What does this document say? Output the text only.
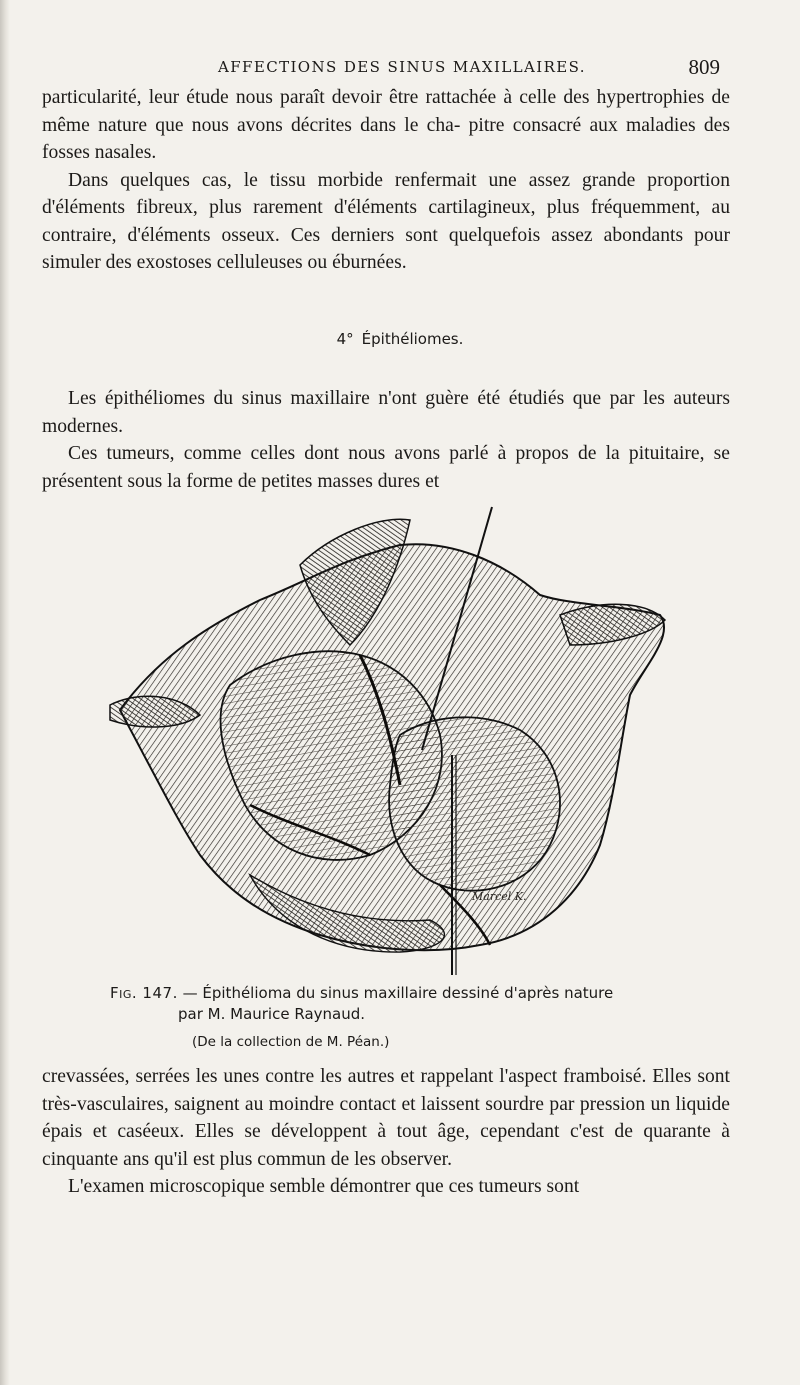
AFFECTIONS DES SINUS MAXILLAIRES.	809

particularité, leur étude nous paraît devoir être rattachée à celle des hypertrophies de même nature que nous avons décrites dans le cha- pitre consacré aux maladies des fosses nasales.

Dans quelques cas, le tissu morbide renfermait une assez grande proportion d'éléments fibreux, plus rarement d'éléments cartilagineux, plus fréquemment, au contraire, d'éléments osseux. Ces derniers sont quelquefois assez abondants pour simuler des exostoses celluleuses ou éburnées.

4° Épithéliomes.

Les épithéliomes du sinus maxillaire n'ont guère été étudiés que par les auteurs modernes.

Ces tumeurs, comme celles dont nous avons parlé à propos de la pituitaire, se présentent sous la forme de petites masses dures et

Marcel K.
Fig. 147. — Épithélioma du sinus maxillaire dessiné d'après nature
par M. Maurice Raynaud.
(De la collection de M. Péan.)

crevassées, serrées les unes contre les autres et rappelant l'aspect framboisé. Elles sont très-vasculaires, saignent au moindre contact et laissent sourdre par pression un liquide épais et caséeux. Elles se développent à tout âge, cependant c'est de quarante à cinquante ans qu'il est plus commun de les observer.

L'examen microscopique semble démontrer que ces tumeurs sont
